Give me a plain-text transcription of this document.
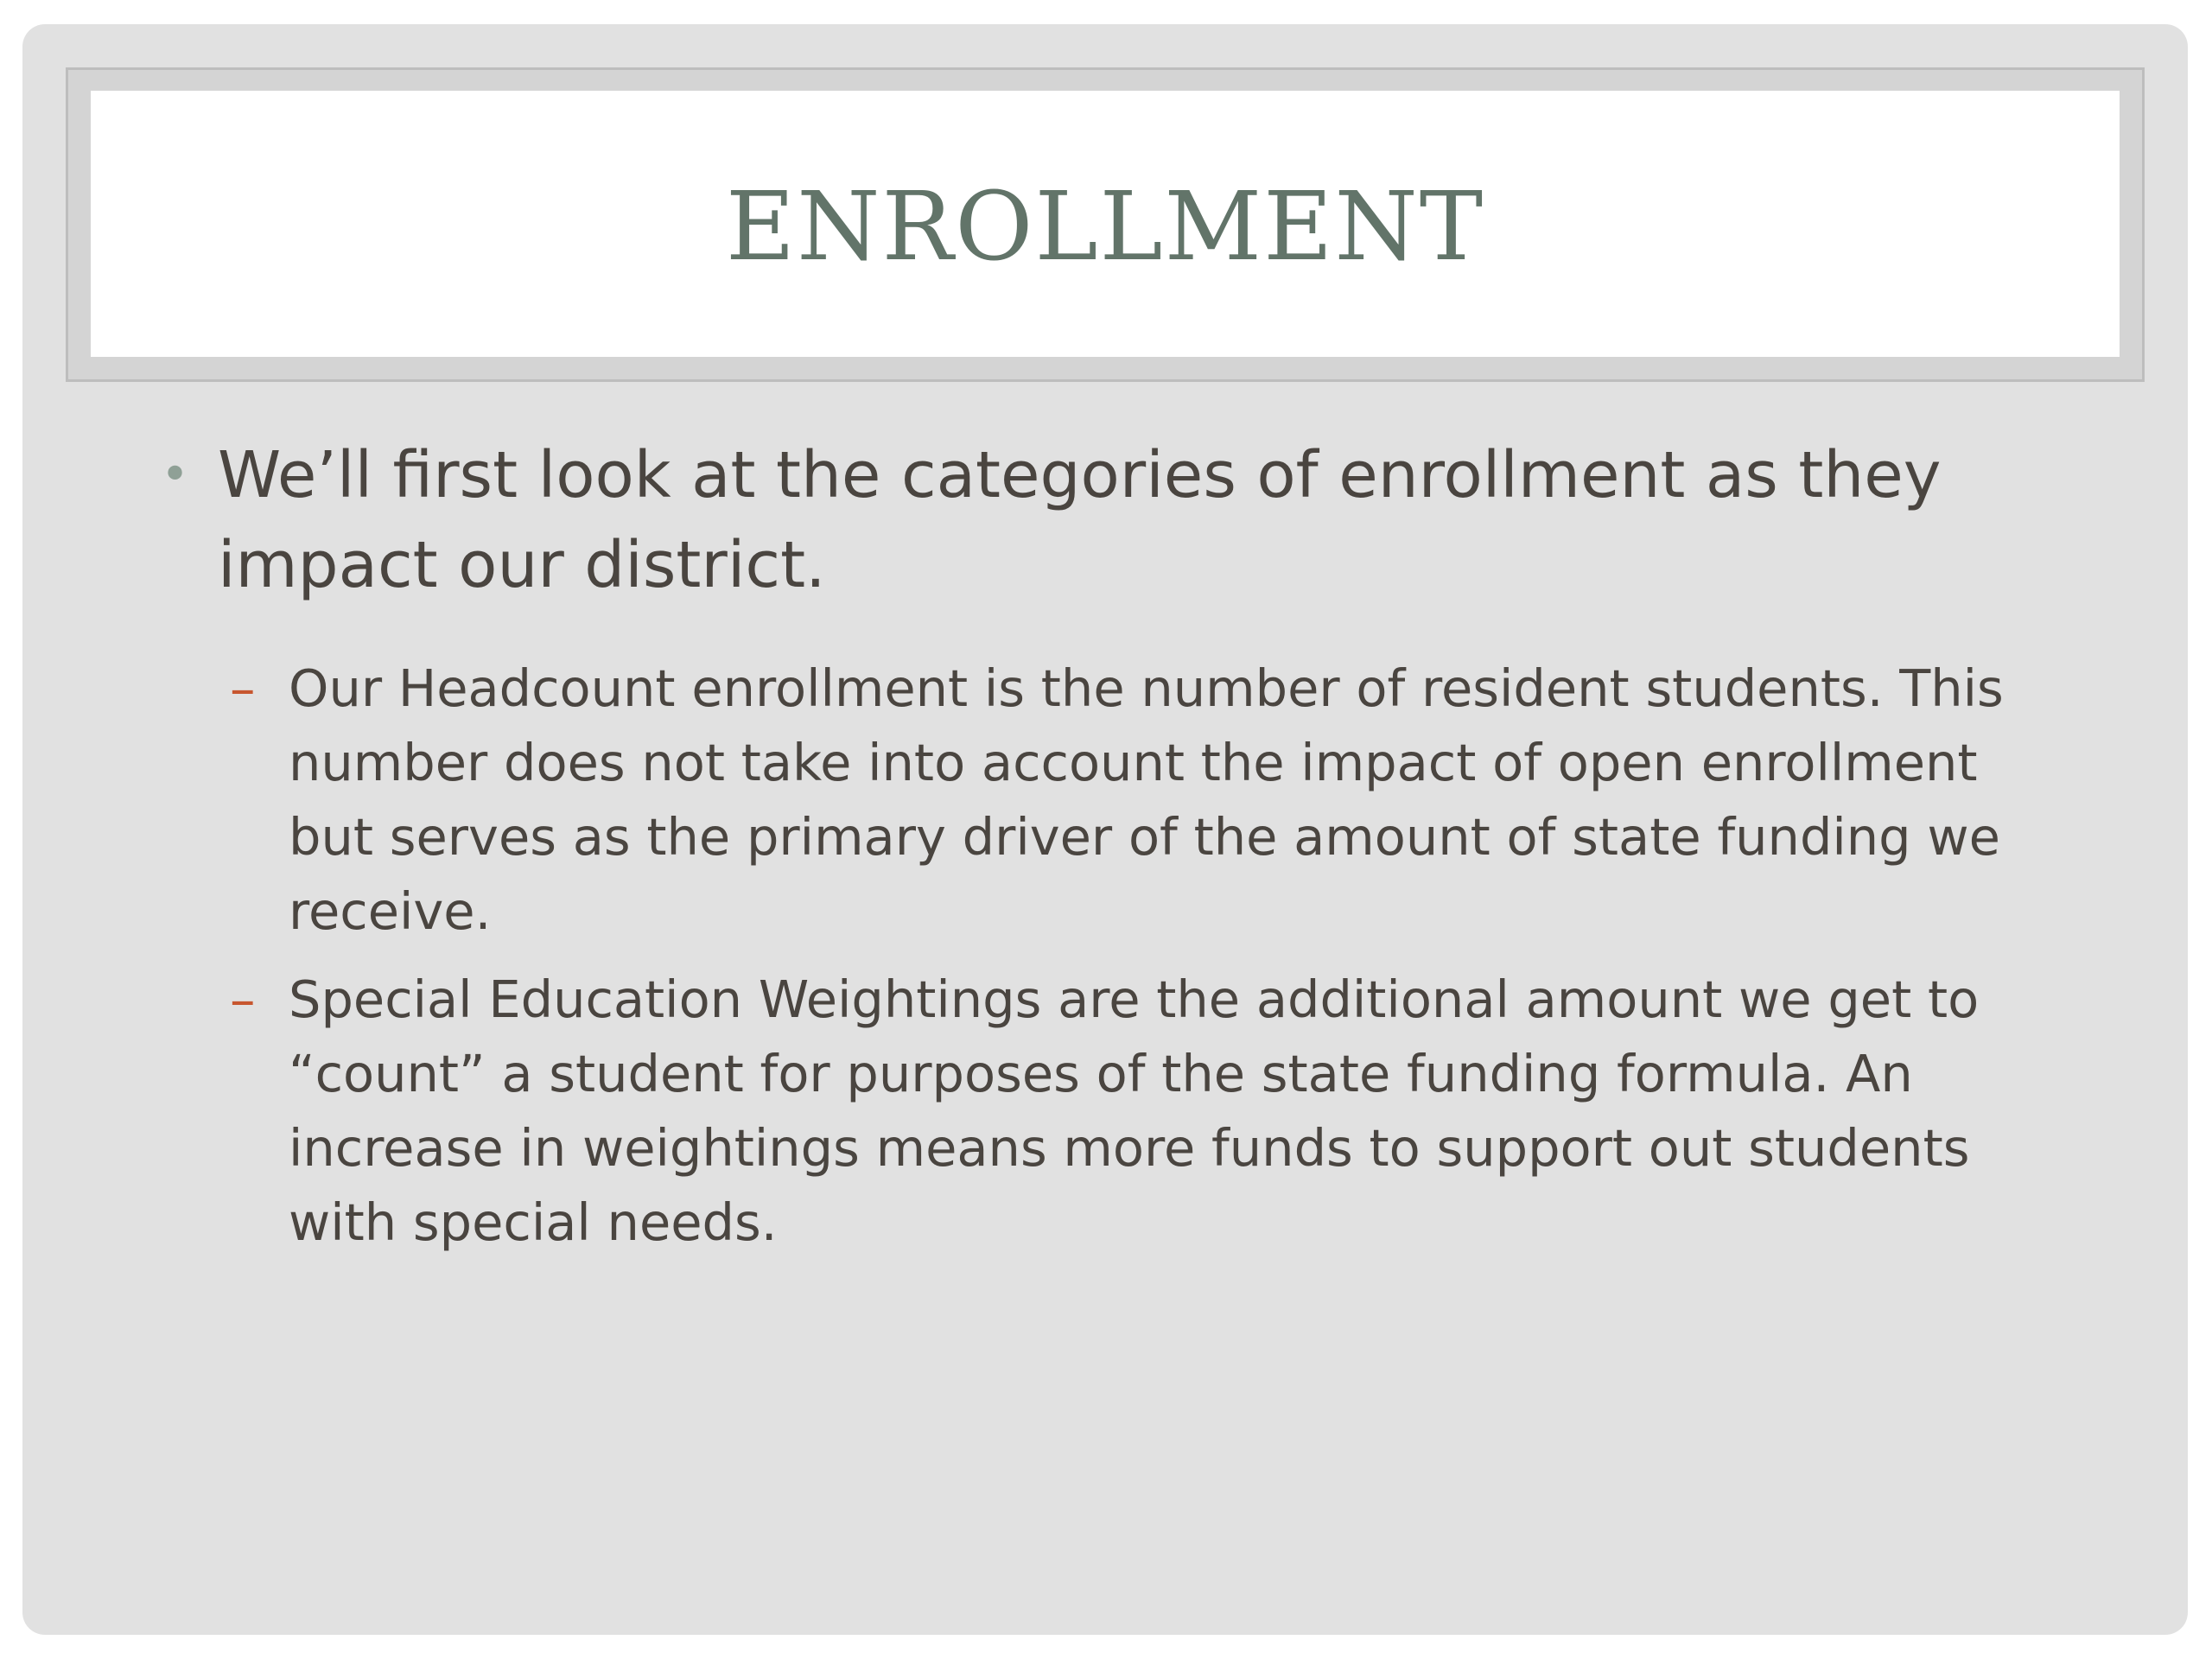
ENROLLMENT
• We’ll first look at the categories of enrollment as they impact our district.
– Our Headcount enrollment is the number of resident students. This number does not take into account the impact of open enrollment but serves as the primary driver of the amount of state funding we receive.
– Special Education Weightings are the additional amount we get to “count” a student for purposes of the state funding formula. An increase in weightings means more funds to support out students with special needs.
